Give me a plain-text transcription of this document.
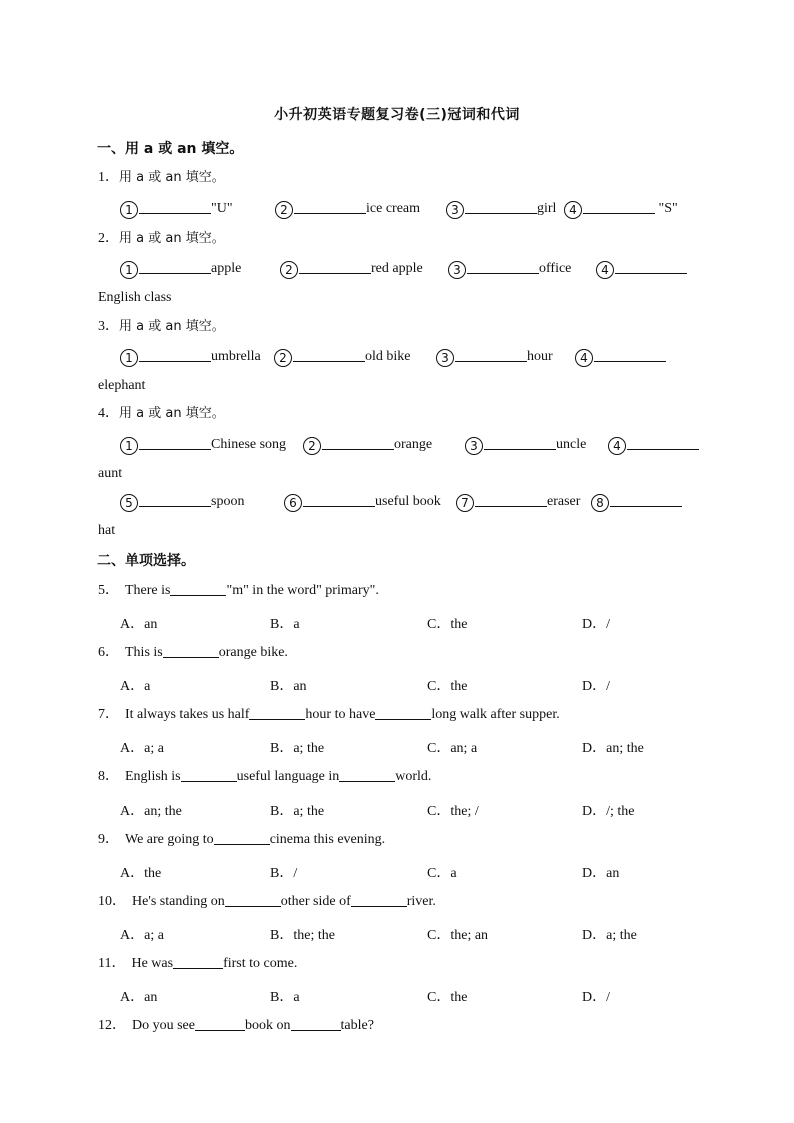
小升初英语专题复习卷(三)冠词和代词
一、用 a 或 an 填空。
1．用 a 或 an 填空。
1	"U"	2	ice cream	3	girl	4	"S"
2．用 a 或 an 填空。
1	apple	2	red apple	3	office	4
English class
3．用 a 或 an 填空。
1	umbrella	2	old bike	3	hour	4
elephant
4．用 a 或 an 填空。
1	Chinese song	2	orange	3	uncle	4
aunt
5	spoon	6	useful book	7	eraser	8
hat
二、单项选择。
5． There is	"m" in the word" primary".
A．an	B．a	C．the	D．/
6． This is	orange bike.
A．a	B．an	C．the	D．/
7． It always takes us half	hour to have	long walk after supper.
A．a; a	B．a; the	C．an; a	D．an; the
8． English is	useful language in	world.
A．an; the	B．a; the	C．the; /	D．/; the
9． We are going to	cinema this evening.
A．the	B．/	C．a	D．an
10． He's standing on	other side of	river.
A．a; a	B．the; the	C．the; an	D．a; the
11． He was	first to come.
A．an	B．a	C．the	D．/
12． Do you see	book on	table?
